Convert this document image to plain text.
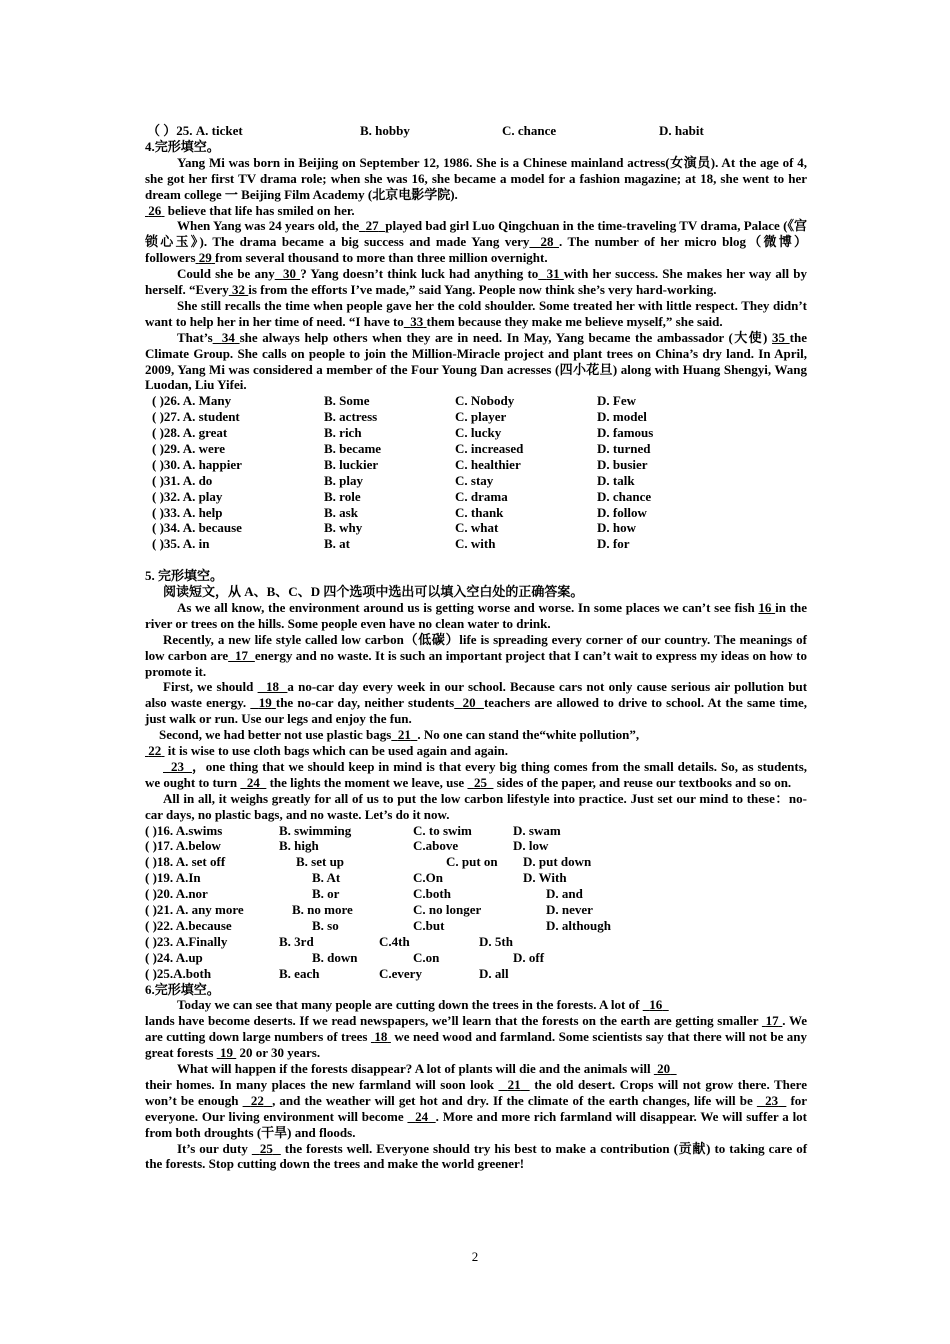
（ ）25. A. ticket	B. hobby	C. chance	D. habit
4.完形填空。
Yang Mi was born in Beijing on September 12, 1986. She is a Chinese mainland actress(女演员). At the age of 4, she got her first TV drama role; when she was 16, she became a model for a fashion magazine; at 18, she went to her dream college 一 Beijing Film Academy (北京电影学院).
26  believe that life has smiled on her.
When Yang was 24 years old, the 27 played bad girl Luo Qingchuan in the time-traveling TV drama, Palace (《宫锁心玉》). The drama became a big success and made Yang very 28 . The number of her micro blog（微博） followers 29 from several thousand to more than three million overnight.
Could she be any 30 ? Yang doesn’t think luck had anything to 31 with her success. She makes her way all by herself. “Every 32 is from the efforts I’ve made,” said Yang. People now think she’s very hard-working.
She still recalls the time when people gave her the cold shoulder. Some treated her with little respect. They didn’t want to help her in her time of need. “I have to 33 them because they make me believe myself,” she said.
That’s 34 she always help others when they are in need. In May, Yang became the ambassador (大使) 35 the Climate Group. She calls on people to join the Million-Miracle project and plant trees on China’s dry land. In April, 2009, Yang Mi was considered a member of the Four Young Dan acresses (四小花旦) along with Huang Shengyi, Wang Luodan, Liu Yifei.
( )26. A. Many	B. Some	C. Nobody	D. Few
( )27. A. student	B. actress	C. player	D. model
( )28. A. great	B. rich	C. lucky	D. famous
( )29. A. were	B. became	C. increased	D. turned
( )30. A. happier	B. luckier	C. healthier	D. busier
( )31. A. do	B. play	C. stay	D. talk
( )32. A. play	B. role	C. drama	D. chance
( )33. A. help	B. ask	C. thank	D. follow
( )34. A. because	B. why	C. what	D. how
( )35. A. in	B. at	C. with	D. for
5. 完形填空。
阅读短文，从 A、B、C、D 四个选项中选出可以填入空白处的正确答案。
As we all know, the environment around us is getting worse and worse. In some places we can’t see fish 16 in the river or trees on the hills. Some people even have no clean water to drink.
Recently, a new life style called low carbon（低碳）life is spreading every corner of our country. The meanings of low carbon are 17 energy and no waste. It is such an important project that I can’t wait to express my ideas on how to promote it.
First, we should 18 a no-car day every week in our school. Because cars not only cause serious air pollution but also waste energy. 19 the no-car day, neither students 20 teachers are allowed to drive to school. At the same time, just walk or run. Use our legs and enjoy the fun.
Second, we had better not use plastic bags 21 . No one can stand the“white pollution”,
22 it is wise to use cloth bags which can be used again and again.
23 ，one thing that we should keep in mind is that every big thing comes from the small details. So, as students, we ought to turn 24 the lights the moment we leave, use 25 sides of the paper, and reuse our textbooks and so on.
All in all, it weighs greatly for all of us to put the low carbon lifestyle into practice. Just set our mind to these：no-car days, no plastic bags, and no waste. Let’s do it now.
( )16. A.swims	B. swimming	C. to swim	D. swam
( )17. A.below	B. high	C.above	D. low
( )18. A. set off	B. set up	C. put on D. put down
( )19. A.In	B. At	C.On	D. With
( )20. A.nor	B. or	C.both	D. and
( )21. A. any more	B. no more	C. no longer	D. never
( )22. A.because	B. so	C.but	D. although
( )23. A.Finally	B. 3rd	C.4th	D. 5th
( )24. A.up	B. down	C.on	D. off
( )25.A.both	B. each	C.every	D. all
6.完形填空。
Today we can see that many people are cutting down the trees in the forests. A lot of 16
lands have become deserts. If we read newspapers, we’ll learn that the forests on the earth are getting smaller 17 . We are cutting down large numbers of trees 18 we need wood and farmland. Some scientists say that there will not be any great forests 19 20 or 30 years.
What will happen if the forests disappear? A lot of plants will die and the animals will 20
their homes. In many places the new farmland will soon look 21 the old desert. Crops will not grow there. There won’t be enough 22 , and the weather will get hot and dry. If the climate of the earth changes, life will be 23 for everyone. Our living environment will become 24 . More and more rich farmland will disappear. We will suffer a lot from both droughts (干旱) and floods.
It’s our duty 25 the forests well. Everyone should try his best to make a contribution (贡献) to taking care of the forests. Stop cutting down the trees and make the world greener!
2
